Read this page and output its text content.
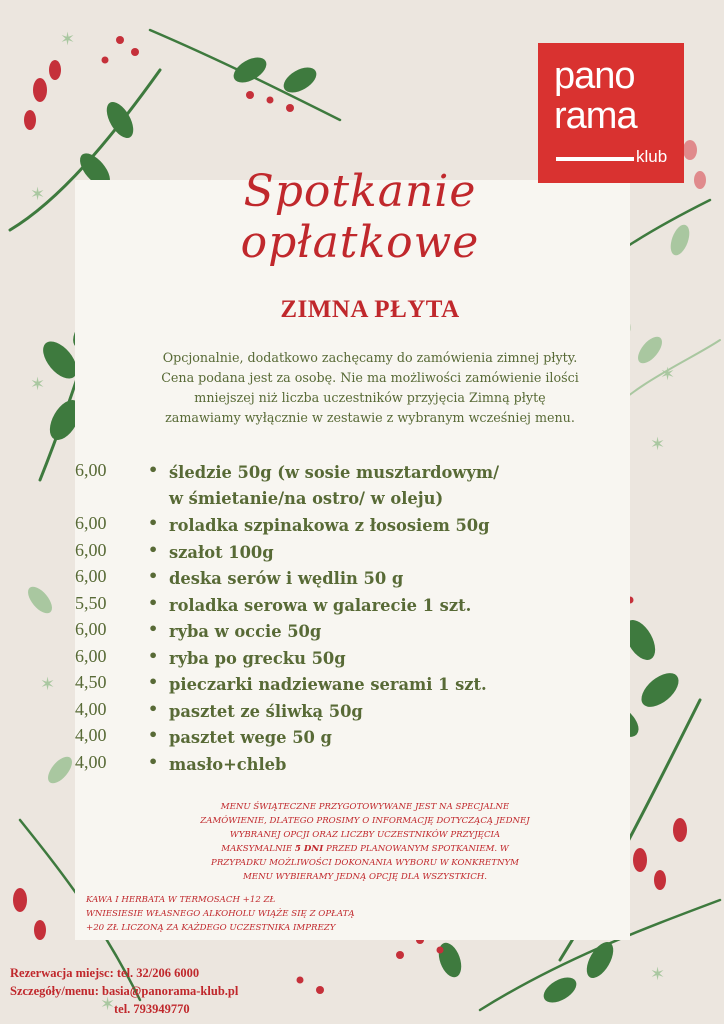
✶
✶
✶
✶
✶
✶
✶
✶
pano
rama
klub
Spotkanie opłatkowe
ZIMNA PŁYTA
Opcjonalnie, dodatkowo zachęcamy do zamówienia zimnej płyty. Cena podana jest za osobę. Nie ma możliwości zamówienie ilości mniejszej niż liczba uczestników przyjęcia Zimną płytę zamawiamy wyłącznie w zestawie z wybranym wcześniej menu.
6,00	• śledzie 50g (w sosie musztardowym/
w śmietanie/na ostro/ w oleju)
6,00	• roladka szpinakowa z łososiem 50g
6,00	• szałot 100g
6,00	• deska serów i wędlin 50 g
5,50	• roladka serowa w galarecie 1 szt.
6,00	• ryba w occie 50g
6,00	• ryba po grecku 50g
4,50	• pieczarki nadziewane serami 1 szt.
4,00	• pasztet ze śliwką 50g
4,00	• pasztet wege 50 g
4,00	• masło+chleb
MENU ŚWIĄTECZNE PRZYGOTOWYWANE JEST NA SPECJALNE ZAMÓWIENIE, DLATEGO PROSIMY O INFORMACJĘ DOTYCZĄCĄ JEDNEJ WYBRANEJ OPCJI ORAZ LICZBY UCZESTNIKÓW PRZYJĘCIA MAKSYMALNIE 5 DNI PRZED PLANOWANYM SPOTKANIEM. W PRZYPADKU MOŻLIWOŚCI DOKONANIA WYBORU W KONKRETNYM MENU WYBIERAMY JEDNĄ OPCJĘ DLA WSZYSTKICH.
KAWA I HERBATA W TERMOSACH +12 ZŁ
WNIESIESIE WŁASNEGO ALKOHOLU WIĄŻE SIĘ Z OPŁATĄ
+20 ZŁ LICZONĄ ZA KAŻDEGO UCZESTNIKA IMPREZY
Rezerwacja miejsc: tel. 32/206 6000
Szczegóły/menu: basia@panorama-klub.pl
tel. 793949770
